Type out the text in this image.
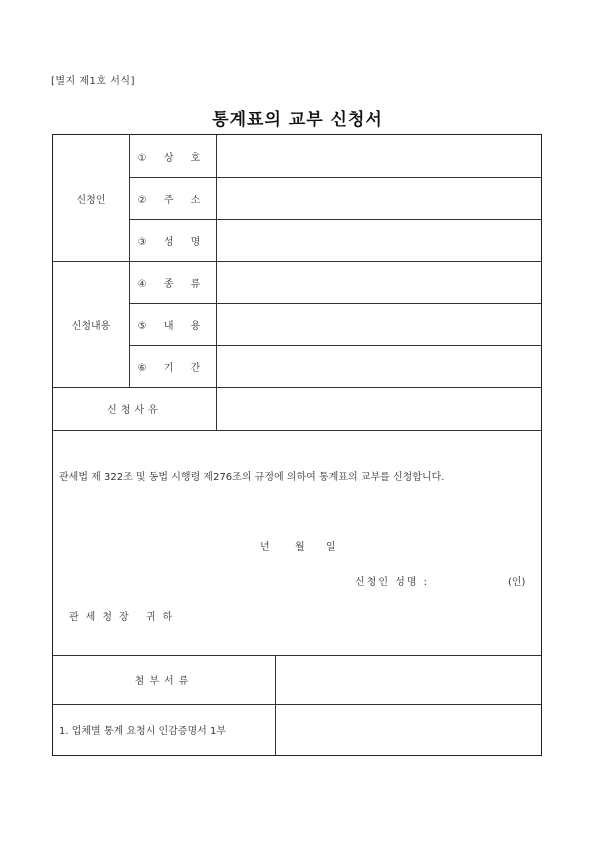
[별지 제1호 서식]
통계표의 교부 신청서
신청인
① 상 호
② 주 소
③ 성 명
신청내용
④ 종 류
⑤ 내 용
⑥ 기 간
신청사유
관세법 제 322조 및 동법 시행령 제276조의 규정에 의하여 통계표의 교부를 신청합니다.
년	월 일
신청인 성명 :	(인)
관세청장 귀하
첨부서류
1. 업체별 통계 요청시 인감증명서 1부
